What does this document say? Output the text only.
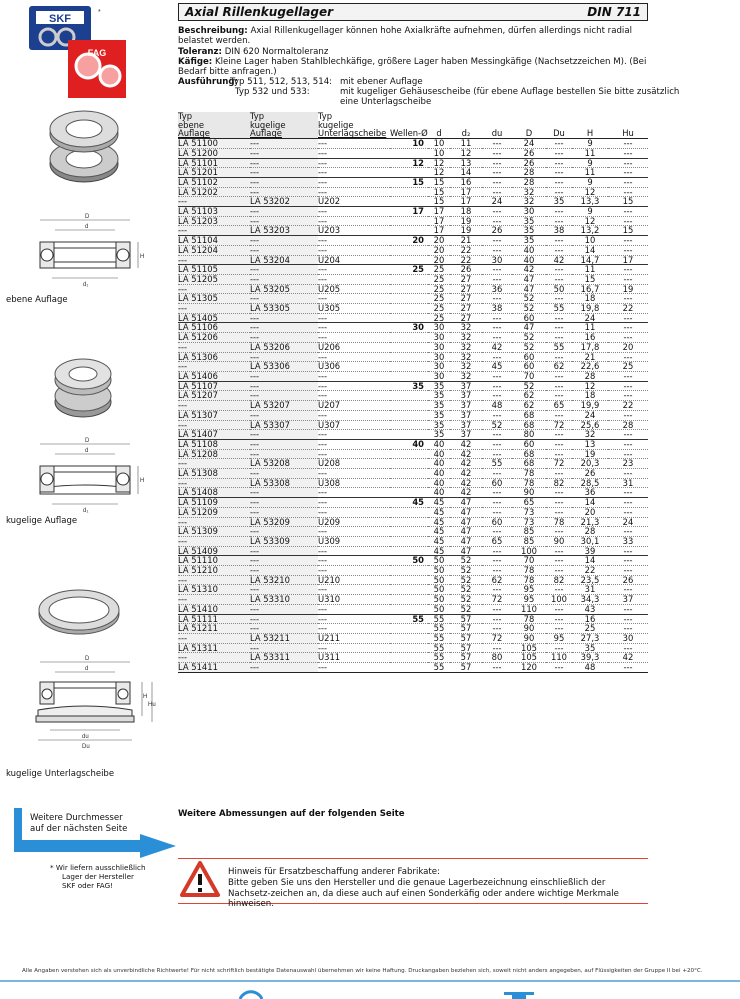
Axial Rillenkugellager	DIN 711
SKF
*
FAG
D
d
H
d₁
ebene Auflage
D
d
H
d₁
kugelige Auflage
D
d
H
Hu
du
Du
kugelige Unterlagscheibe
Beschreibung: Axial Rillenkugellager können hohe Axialkräfte aufnehmen, dürfen allerdings nicht radial belastet werden.
Toleranz: DIN 620 Normaltoleranz
Käfige: Kleine Lager haben Stahlblechkäfige, größere Lager haben Messingkäfige (Nachsetzzeichen M). (Bei Bedarf bitte anfragen.)
Ausführung:
Typ 511, 512, 513, 514: mit ebener Auflage
Typ 532 und 533:	mit kugeliger Gehäusescheibe (für ebene Auflage bestellen Sie bitte zusätzlich
eine Unterlagscheibe
Typ	Typ	Typ								
ebene	kugelige	kugelige								
Auflage	Auflage	Unterlagscheibe	Wellen-Ø	d	d₂	du	D	Du	H	Hu
LA 51100	---	---	10	10	11	---	24	---	9	---
LA 51200	---	---		10	12	---	26	---	11	---
LA 51101	---	---	12	12	13	---	26	---	9	---
LA 51201	---	---		12	14	---	28	---	11	---
LA 51102	---	---	15	15	16	---	28	---	9	---
LA 51202	---	---		15	17	---	32	---	12	---
---	LA 53202	U202		15	17	24	32	35	13,3	15
LA 51103	---	---	17	17	18	---	30	---	9	---
LA 51203	---	---		17	19	---	35	---	12	---
---	LA 53203	U203		17	19	26	35	38	13,2	15
LA 51104	---	---	20	20	21	---	35	---	10	---
LA 51204	---	---		20	22	---	40	---	14	---
---	LA 53204	U204		20	22	30	40	42	14,7	17
LA 51105	---	---	25	25	26	---	42	---	11	---
LA 51205	---	---		25	27	---	47	---	15	---
---	LA 53205	U205		25	27	36	47	50	16,7	19
LA 51305	---	---		25	27	---	52	---	18	---
---	LA 53305	U305		25	27	38	52	55	19,8	22
LA 51405	---	---		25	27	---	60	---	24	---
LA 51106	---	---	30	30	32	---	47	---	11	---
LA 51206	---	---		30	32	---	52	---	16	---
---	LA 53206	U206		30	32	42	52	55	17,8	20
LA 51306	---	---		30	32	---	60	---	21	---
---	LA 53306	U306		30	32	45	60	62	22,6	25
LA 51406	---	---		30	32	---	70	---	28	---
LA 51107	---	---	35	35	37	---	52	---	12	---
LA 51207	---	---		35	37	---	62	---	18	---
---	LA 53207	U207		35	37	48	62	65	19,9	22
LA 51307	---	---		35	37	---	68	---	24	---
---	LA 53307	U307		35	37	52	68	72	25,6	28
LA 51407	---	---		35	37	---	80	---	32	---
LA 51108	---	---	40	40	42	---	60	---	13	---
LA 51208	---	---		40	42	---	68	---	19	---
---	LA 53208	U208		40	42	55	68	72	20,3	23
LA 51308	---	---		40	42	---	78	---	26	---
---	LA 53308	U308		40	42	60	78	82	28,5	31
LA 51408	---	---		40	42	---	90	---	36	---
LA 51109	---	---	45	45	47	---	65	---	14	---
LA 51209	---	---		45	47	---	73	---	20	---
---	LA 53209	U209		45	47	60	73	78	21,3	24
LA 51309	---	---		45	47	---	85	---	28	---
---	LA 53309	U309		45	47	65	85	90	30,1	33
LA 51409	---	---		45	47	---	100	---	39	---
LA 51110	---	---	50	50	52	---	70	---	14	---
LA 51210	---	---		50	52	---	78	---	22	---
---	LA 53210	U210		50	52	62	78	82	23,5	26
LA 51310	---	---		50	52	---	95	---	31	---
---	LA 53310	U310		50	52	72	95	100	34,3	37
LA 51410	---	---		50	52	---	110	---	43	---
LA 51111	---	---	55	55	57	---	78	---	16	---
LA 51211	---	---		55	57	---	90	---	25	---
---	LA 53211	U211		55	57	72	90	95	27,3	30
LA 51311	---	---		55	57	---	105	---	35	---
---	LA 53311	U311		55	57	80	105	110	39,3	42
LA 51411	---	---		55	57	---	120	---	48	---
Weitere Abmessungen auf der folgenden Seite
Weitere Durchmesser
auf der nächsten Seite
* Wir liefern ausschließlich
Lager der Hersteller
SKF oder FAG!
Hinweis für Ersatzbeschaffung anderer Fabrikate:
Bitte geben Sie uns den Hersteller und die genaue Lagerbezeichnung einschließlich der Nachsetz-zeichen an, da diese auch auf einen Sonderkäfig oder andere wichtige Merkmale hinweisen.
Alle Angaben verstehen sich als unverbindliche Richtwerte! Für nicht schriftlich bestätigte Datenauswahl übernehmen wir keine Haftung. Druckangaben beziehen sich, soweit nicht anders angegeben, auf Flüssigkeiten der Gruppe II bei +20°C.
